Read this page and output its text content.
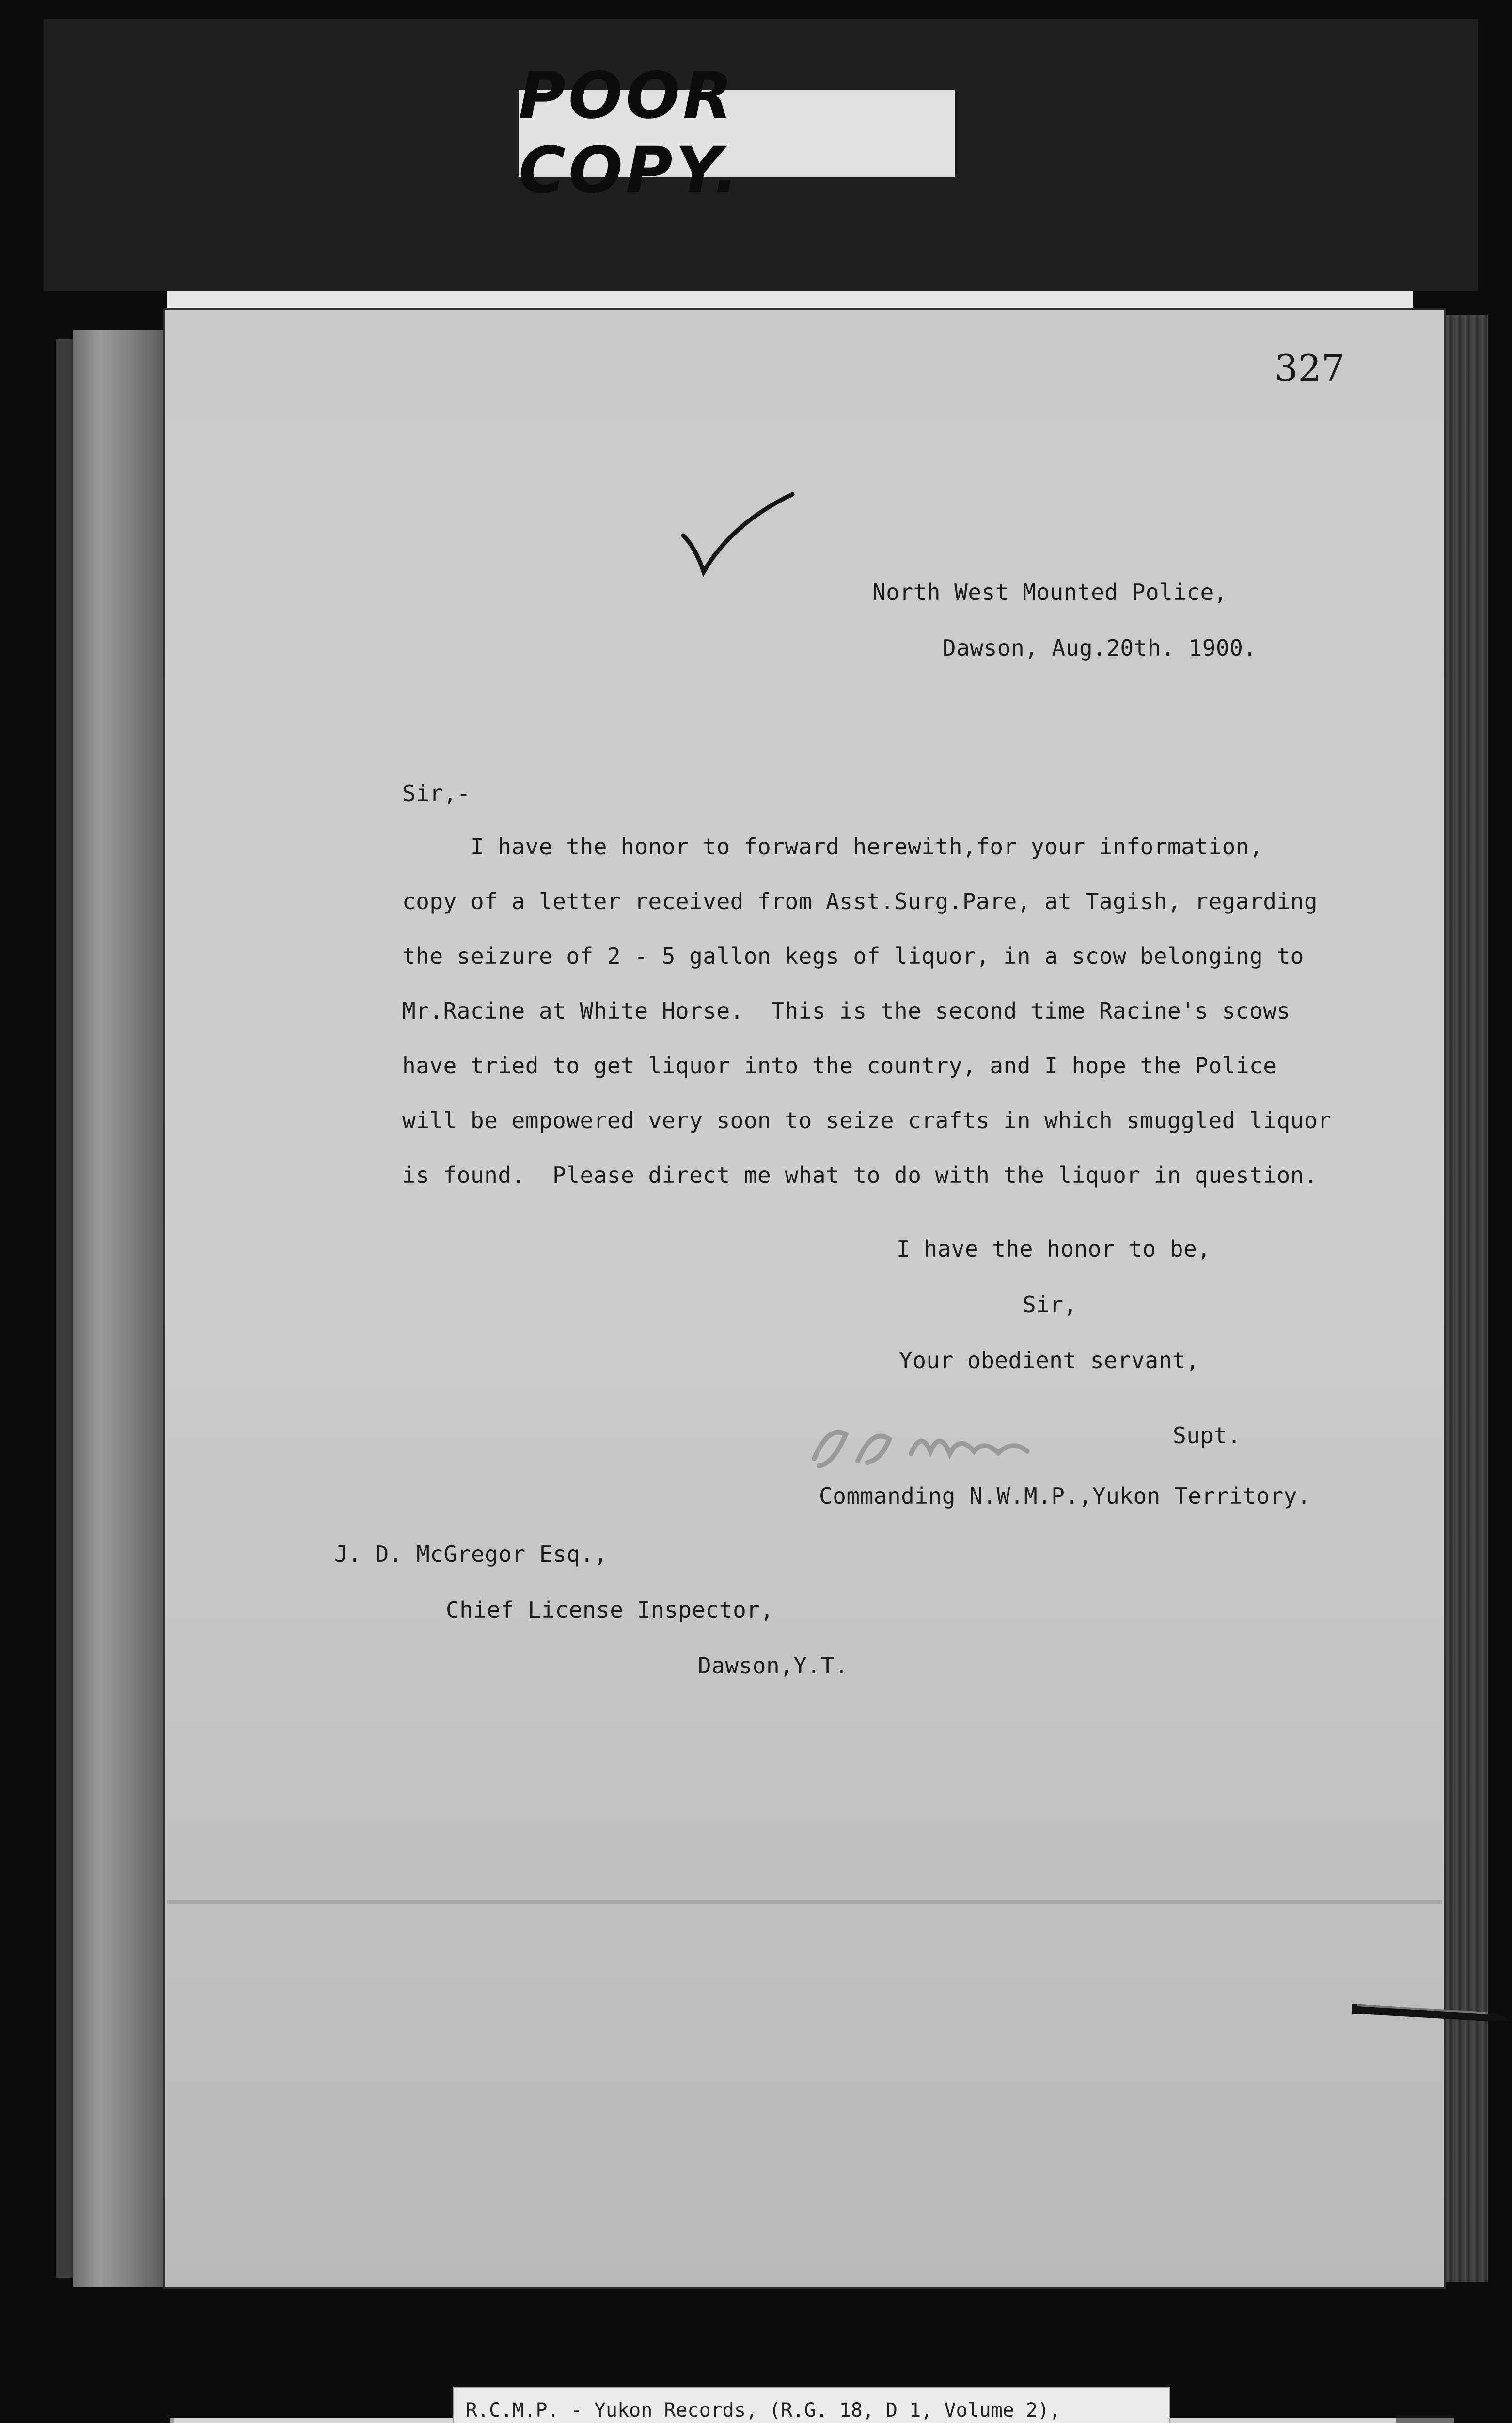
POOR COPY.
327
North West Mounted Police,
Dawson, Aug.20th. 1900.
Sir,-
I have the honor to forward herewith,for your information,
copy of a letter received from Asst.Surg.Pare, at Tagish, regarding
the seizure of 2 - 5 gallon kegs of liquor, in a scow belonging to
Mr.Racine at White Horse.  This is the second time Racine's scows
have tried to get liquor into the country, and I hope the Police
will be empowered very soon to seize crafts in which smuggled liquor
is found.  Please direct me what to do with the liquor in question.
I have the honor to be,
Sir,
Your obedient servant,
Supt.
Commanding N.W.M.P.,Yukon Territory.
J. D. McGregor Esq.,
Chief License Inspector,
Dawson,Y.T.
R.C.M.P. - Yukon Records, (R.G. 18, D 1, Volume 2),
